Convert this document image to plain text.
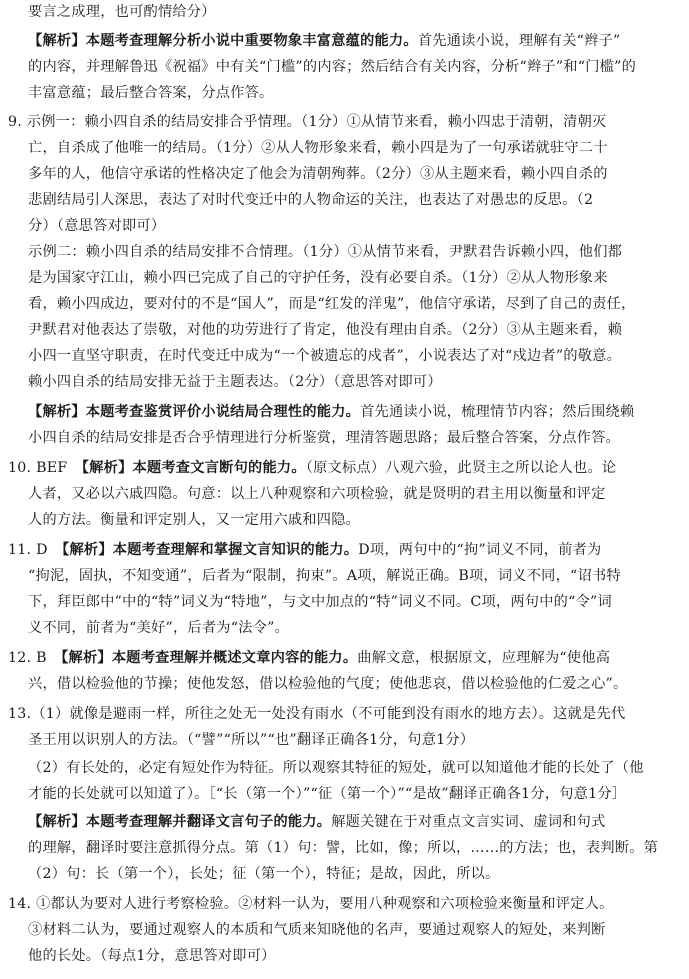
要言之成理，也可酌情给分）
【解析】本题考查理解分析小说中重要物象丰富意蕴的能力。首先通读小说，理解有关“辫子”
的内容，并理解鲁迅《祝福》中有关“门槛”的内容；然后结合有关内容，分析“辫子”和“门槛”的
丰富意蕴；最后整合答案，分点作答。
9. 示例一：赖小四自杀的结局安排合乎情理。（1分）①从情节来看，赖小四忠于清朝，清朝灭
亡，自杀成了他唯一的结局。（1分）②从人物形象来看，赖小四是为了一句承诺就驻守二十
多年的人，他信守承诺的性格决定了他会为清朝殉葬。（2分）③从主题来看，赖小四自杀的
悲剧结局引人深思，表达了对时代变迁中的人物命运的关注，也表达了对愚忠的反思。（2
分）（意思答对即可）
示例二：赖小四自杀的结局安排不合情理。（1分）①从情节来看，尹默君告诉赖小四，他们都
是为国家守江山，赖小四已完成了自己的守护任务，没有必要自杀。（1分）②从人物形象来
看，赖小四成边，要对付的不是“国人”，而是“红发的洋鬼”，他信守承诺，尽到了自己的责任，
尹默君对他表达了崇敬，对他的功劳进行了肯定，他没有理由自杀。（2分）③从主题来看，赖
小四一直坚守职责，在时代变迁中成为“一个被遗忘的戍者”，小说表达了对“戍边者”的敬意。
赖小四自杀的结局安排无益于主题表达。（2分）（意思答对即可）
【解析】本题考查鉴赏评价小说结局合理性的能力。首先通读小说，梳理情节内容；然后围绕赖
小四自杀的结局安排是否合乎情理进行分析鉴赏，理清答题思路；最后整合答案，分点作答。
10. BEF　【解析】本题考查文言断句的能力。（原文标点）八观六验，此贤主之所以论人也。论
人者，又必以六戚四隐。句意：以上八种观察和六项检验，就是贤明的君主用以衡量和评定
人的方法。衡量和评定别人，又一定用六戚和四隐。
11. D　【解析】本题考查理解和掌握文言知识的能力。D项，两句中的“拘”词义不同，前者为
“拘泥，固执，不知变通”，后者为“限制，拘束”。A项，解说正确。B项，词义不同，“诏书特
下，拜臣郎中”中的“特”词义为“特地”，与文中加点的“特”词义不同。C项，两句中的“令”词
义不同，前者为“美好”，后者为“法令”。
12. B　【解析】本题考查理解并概述文章内容的能力。曲解文意，根据原文，应理解为“使他高
兴，借以检验他的节操；使他发怒，借以检验他的气度；使他悲哀，借以检验他的仁爱之心”。
13.（1）就像是避雨一样，所往之处无一处没有雨水（不可能到没有雨水的地方去）。这就是先代
圣王用以识别人的方法。（“譬”“所以”“也”翻译正确各1分，句意1分）
（2）有长处的，必定有短处作为特征。所以观察其特征的短处，就可以知道他才能的长处了（他
才能的长处就可以知道了）。［“长（第一个）”“征（第一个）”“是故”翻译正确各1分，句意1分］
【解析】本题考查理解并翻译文言句子的能力。解题关键在于对重点文言实词、虚词和句式
的理解，翻译时要注意抓得分点。第（1）句：譬，比如，像；所以，……的方法；也，表判断。第
（2）句：长（第一个），长处；征（第一个），特征；是故，因此，所以。
14. ①都认为要对人进行考察检验。②材料一认为，要用八种观察和六项检验来衡量和评定人。
③材料二认为，要通过观察人的本质和气质来知晓他的名声，要通过观察人的短处，来判断
他的长处。（每点1分，意思答对即可）
